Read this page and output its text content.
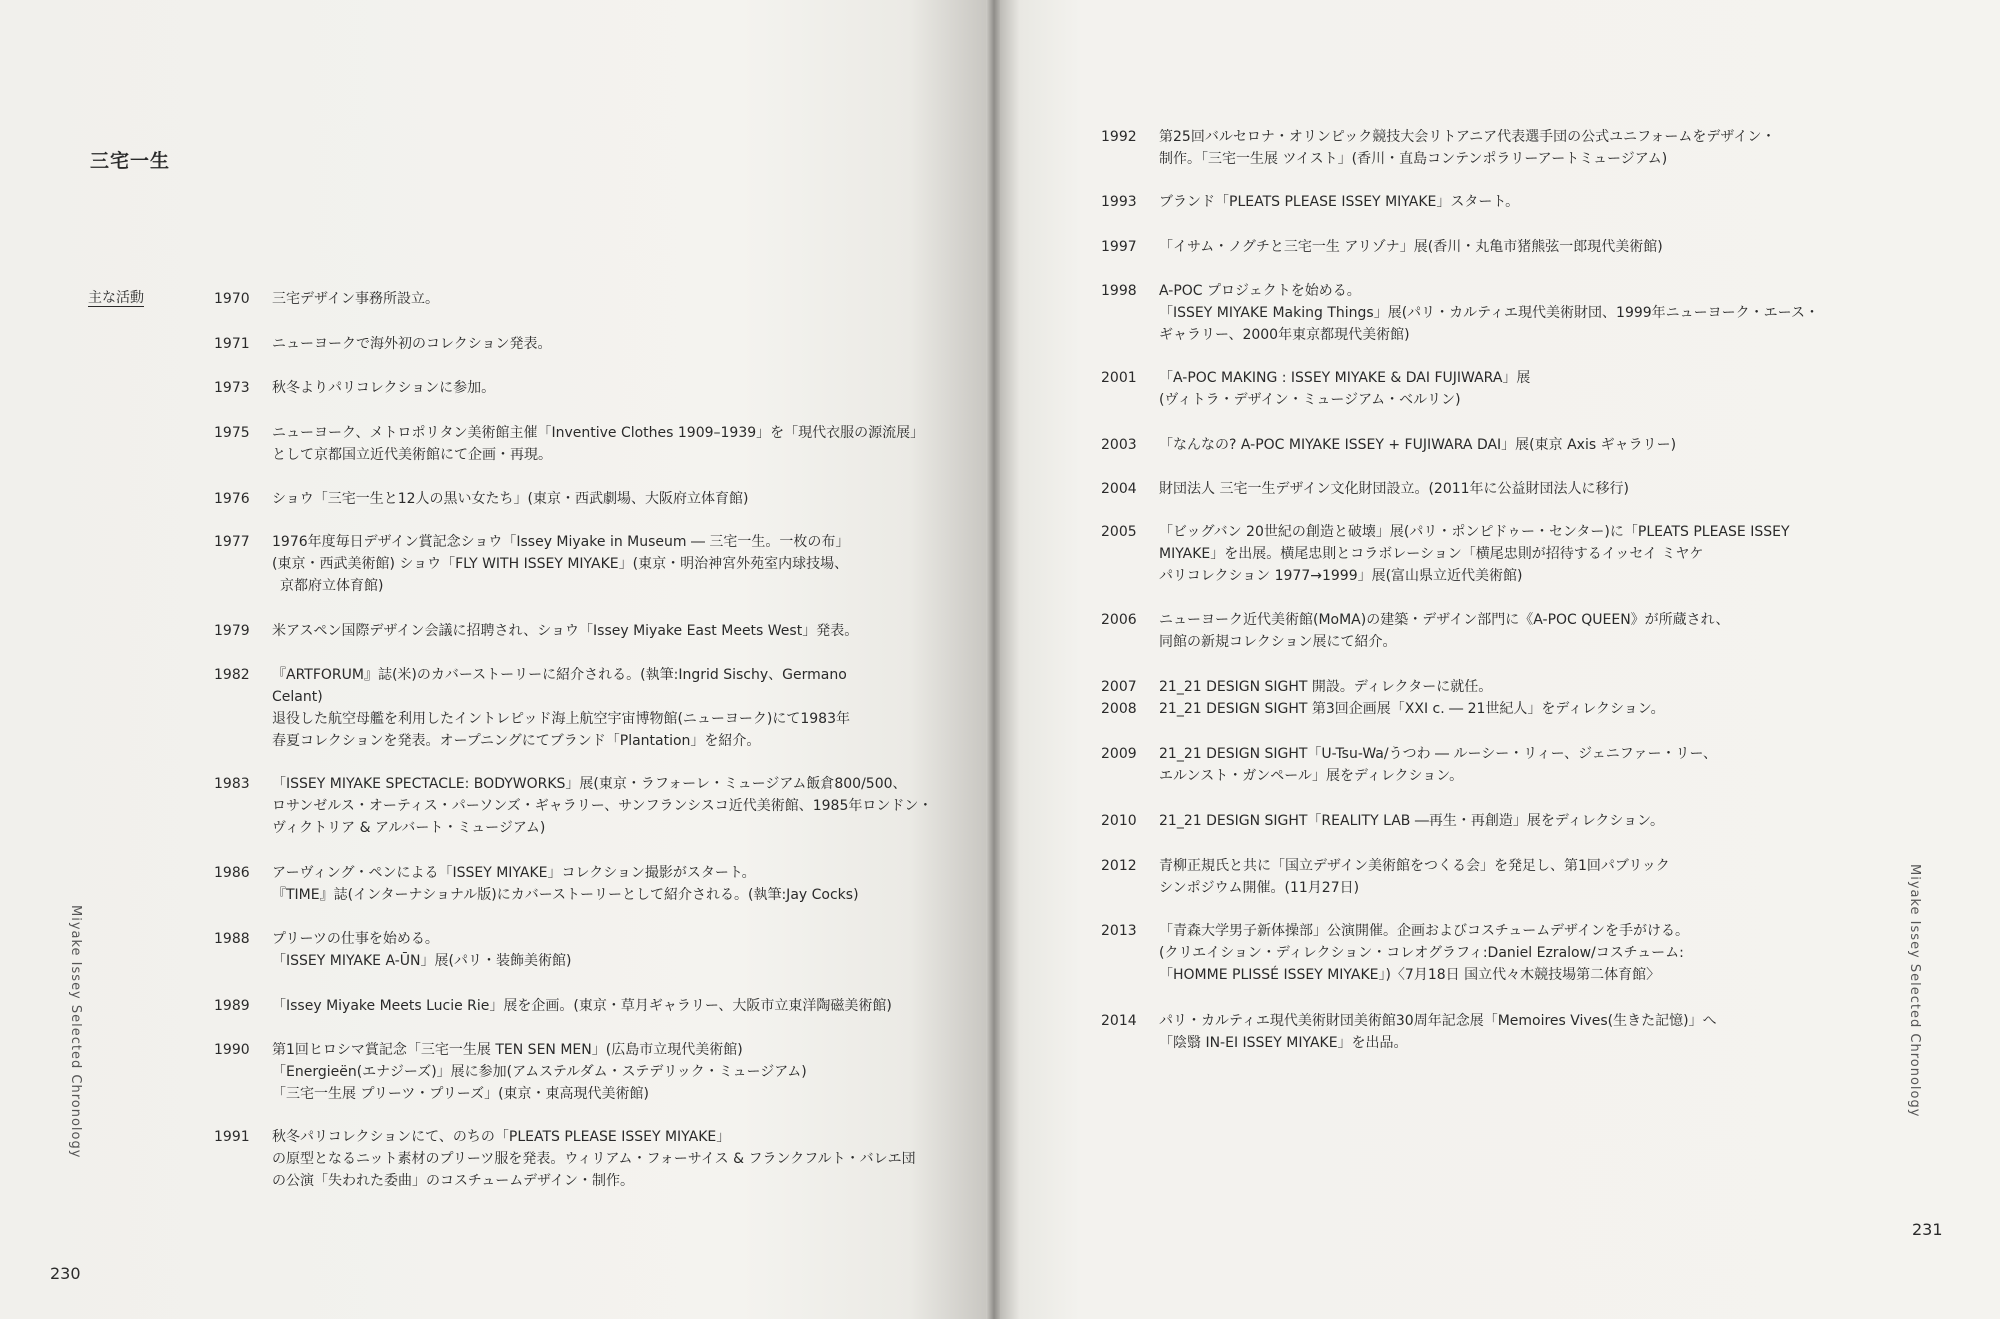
三宅一生
主な活動	1970	三宅デザイン事務所設立。
1971	ニューヨークで海外初のコレクション発表。
1973	秋冬よりパリコレクションに参加。
1975	ニューヨーク、メトロポリタン美術館主催「Inventive Clothes 1909–1939」を「現代衣服の源流展」
として京都国立近代美術館にて企画・再現。
1976	ショウ「三宅一生と12人の黒い女たち」(東京・西武劇場、大阪府立体育館)
1977	1976年度毎日デザイン賞記念ショウ「Issey Miyake in Museum ― 三宅一生。一枚の布」
(東京・西武美術館) ショウ「FLY WITH ISSEY MIYAKE」(東京・明治神宮外苑室内球技場、
京都府立体育館)
1979	米アスペン国際デザイン会議に招聘され、ショウ「Issey Miyake East Meets West」発表。
1982	『ARTFORUM』誌(米)のカバーストーリーに紹介される。(執筆:Ingrid Sischy、Germano
Celant)
退役した航空母艦を利用したイントレピッド海上航空宇宙博物館(ニューヨーク)にて1983年
春夏コレクションを発表。オープニングにてブランド「Plantation」を紹介。
1983	「ISSEY MIYAKE SPECTACLE: BODYWORKS」展(東京・ラフォーレ・ミュージアム飯倉800/500、
ロサンゼルス・オーティス・パーソンズ・ギャラリー、サンフランシスコ近代美術館、1985年ロンドン・
ヴィクトリア & アルバート・ミュージアム)
1986	アーヴィング・ペンによる「ISSEY MIYAKE」コレクション撮影がスタート。
『TIME』誌(インターナショナル版)にカバーストーリーとして紹介される。(執筆:Jay Cocks)
1988	プリーツの仕事を始める。
「ISSEY MIYAKE A-ŪN」展(パリ・装飾美術館)
1989	「Issey Miyake Meets Lucie Rie」展を企画。(東京・草月ギャラリー、大阪市立東洋陶磁美術館)
1990	第1回ヒロシマ賞記念「三宅一生展 TEN SEN MEN」(広島市立現代美術館)
「Energieën(エナジーズ)」展に参加(アムステルダム・ステデリック・ミュージアム)
「三宅一生展 プリーツ・プリーズ」(東京・東高現代美術館)
1991	秋冬パリコレクションにて、のちの「PLEATS PLEASE ISSEY MIYAKE」
の原型となるニット素材のプリーツ服を発表。ウィリアム・フォーサイス & フランクフルト・バレエ団
の公演「失われた委曲」のコスチュームデザイン・制作。
Miyake Issey Selected Chronology
230
1992	第25回バルセロナ・オリンピック競技大会リトアニア代表選手団の公式ユニフォームをデザイン・
制作。「三宅一生展 ツイスト」(香川・直島コンテンポラリーアートミュージアム)
1993	ブランド「PLEATS PLEASE ISSEY MIYAKE」スタート。
1997	「イサム・ノグチと三宅一生 アリゾナ」展(香川・丸亀市猪熊弦一郎現代美術館)
1998	A-POC プロジェクトを始める。
「ISSEY MIYAKE Making Things」展(パリ・カルティエ現代美術財団、1999年ニューヨーク・エース・
ギャラリー、2000年東京都現代美術館)
2001	「A-POC MAKING : ISSEY MIYAKE & DAI FUJIWARA」展
(ヴィトラ・デザイン・ミュージアム・ベルリン)
2003	「なんなの? A-POC MIYAKE ISSEY + FUJIWARA DAI」展(東京 Axis ギャラリー)
2004	財団法人 三宅一生デザイン文化財団設立。(2011年に公益財団法人に移行)
2005	「ビッグバン 20世紀の創造と破壊」展(パリ・ポンピドゥー・センター)に「PLEATS PLEASE ISSEY
MIYAKE」を出展。横尾忠則とコラボレーション「横尾忠則が招待するイッセイ ミヤケ
パリコレクション 1977→1999」展(富山県立近代美術館)
2006	ニューヨーク近代美術館(MoMA)の建築・デザイン部門に《A-POC QUEEN》が所蔵され、
同館の新規コレクション展にて紹介。
2007	21_21 DESIGN SIGHT 開設。ディレクターに就任。
2008	21_21 DESIGN SIGHT 第3回企画展「XXI c. ― 21世紀人」をディレクション。
2009	21_21 DESIGN SIGHT「U-Tsu-Wa/うつわ ― ルーシー・リィー、ジェニファー・リー、
エルンスト・ガンペール」展をディレクション。
2010	21_21 DESIGN SIGHT「REALITY LAB ―再生・再創造」展をディレクション。
2012	青柳正規氏と共に「国立デザイン美術館をつくる会」を発足し、第1回パブリック
シンポジウム開催。(11月27日)
2013	「青森大学男子新体操部」公演開催。企画およびコスチュームデザインを手がける。
(クリエイション・ディレクション・コレオグラフィ:Daniel Ezralow/コスチューム:
「HOMME PLISSÉ ISSEY MIYAKE」)〈7月18日 国立代々木競技場第二体育館〉
2014	パリ・カルティエ現代美術財団美術館30周年記念展「Memoires Vives(生きた記憶)」へ
「陰翳 IN-EI ISSEY MIYAKE」を出品。	Miyake Issey Selected Chronology
231
